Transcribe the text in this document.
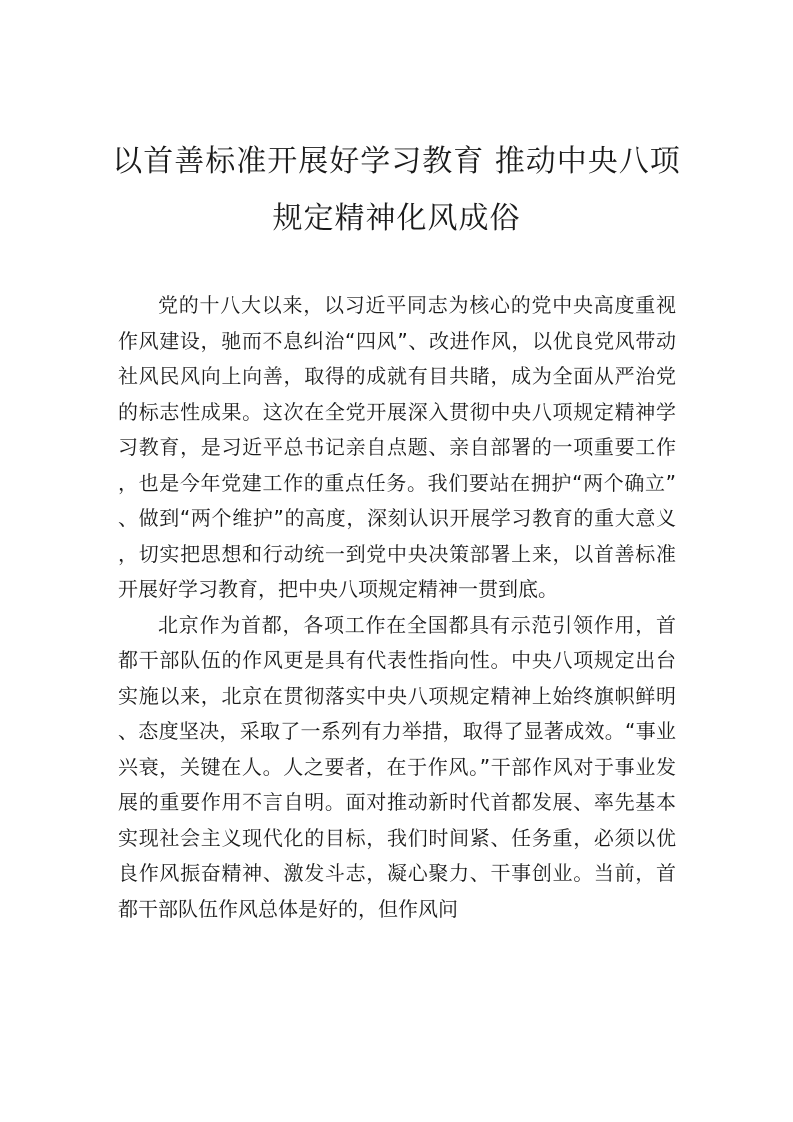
以首善标准开展好学习教育 推动中央八项
规定精神化风成俗

党的十八大以来，以习近平同志为核心的党中央高度重视作风建设，驰而不息纠治“四风”、改进作风，以优良党风带动社风民风向上向善，取得的成就有目共睹，成为全面从严治党的标志性成果。这次在全党开展深入贯彻中央八项规定精神学习教育，是习近平总书记亲自点题、亲自部署的一项重要工作，也是今年党建工作的重点任务。我们要站在拥护“两个确立”、做到“两个维护”的高度，深刻认识开展学习教育的重大意义，切实把思想和行动统一到党中央决策部署上来，以首善标准开展好学习教育，把中央八项规定精神一贯到底。

北京作为首都，各项工作在全国都具有示范引领作用，首都干部队伍的作风更是具有代表性指向性。中央八项规定出台实施以来，北京在贯彻落实中央八项规定精神上始终旗帜鲜明、态度坚决，采取了一系列有力举措，取得了显著成效。“事业兴衰，关键在人。人之要者，在于作风。”干部作风对于事业发展的重要作用不言自明。面对推动新时代首都发展、率先基本实现社会主义现代化的目标，我们时间紧、任务重，必须以优良作风振奋精神、激发斗志，凝心聚力、干事创业。当前，首都干部队伍作风总体是好的，但作风问
